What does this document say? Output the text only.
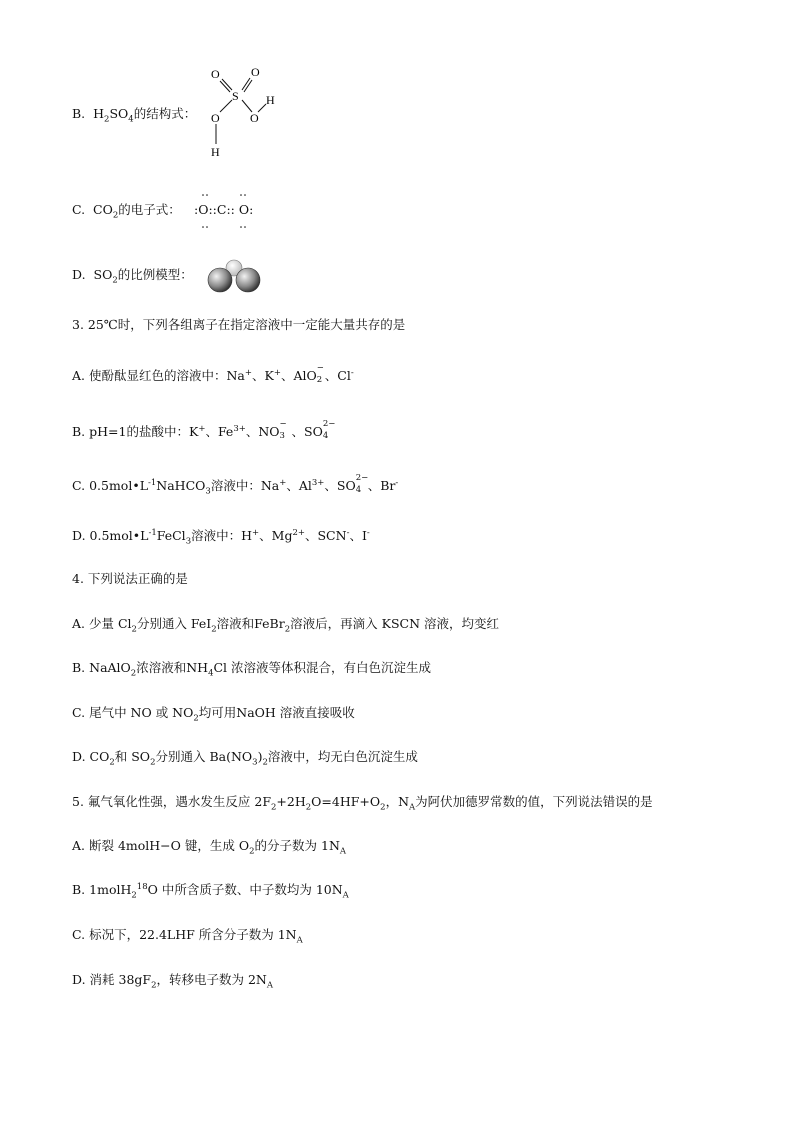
B. $H_2SO_4$的结构式：
O	O
S H
O	O
H
C. $CO_2$的电子式： :O::C:: O:
D. $SO_2$的比例模型：
3. 25℃时，下列各组离子在指定溶液中一定能大量共存的是
A. 使酚酞显红色的溶液中：Na+、K+、AlO −
2 、Cl-
B. pH=1的盐酸中：K+、$Fe^{3+}$、NO −
3 、SO 2−
4
C. $0.5mol•L^{-1}NaHCO_3$溶液中：Na+、$Al^{3+}$、SO 2−
4 、Br-
D. $0.5mol•L^{-1}FeCl_3$溶液中：H+、$Mg^{2+}$、SCN-、I-
4. 下列说法正确的是
A. 少量 $Cl_2$分别通入 FeI$_2$溶液和FeBr$_2$溶液后，再滴入 KSCN 溶液，均变红
B. NaAlO$_2$浓溶液和$NH_4Cl$ 浓溶液等体积混合，有白色沉淀生成
C. 尾气中 NO 或 $NO_2$均可用NaOH 溶液直接吸收
D. $CO_2$和 $SO_2$分别通入 $Ba(NO_3)_2$溶液中，均无白色沉淀生成
5. 氟气氧化性强，遇水发生反应 $2F_2+2H_2O=4HF+O_2$，$N_A$为阿伏加德罗常数的值，下列说法错误的是
A. 断裂 4molH−O 键，生成 $O_2$的分子数为 $1N_A$
B. 1molH$_2^{18}$O 中所含质子数、中子数均为 $10N_A$
C. 标况下，22.4LHF 所含分子数为 $1N_A$
D. 消耗 $38gF_2$，转移电子数为 $2N_A$
